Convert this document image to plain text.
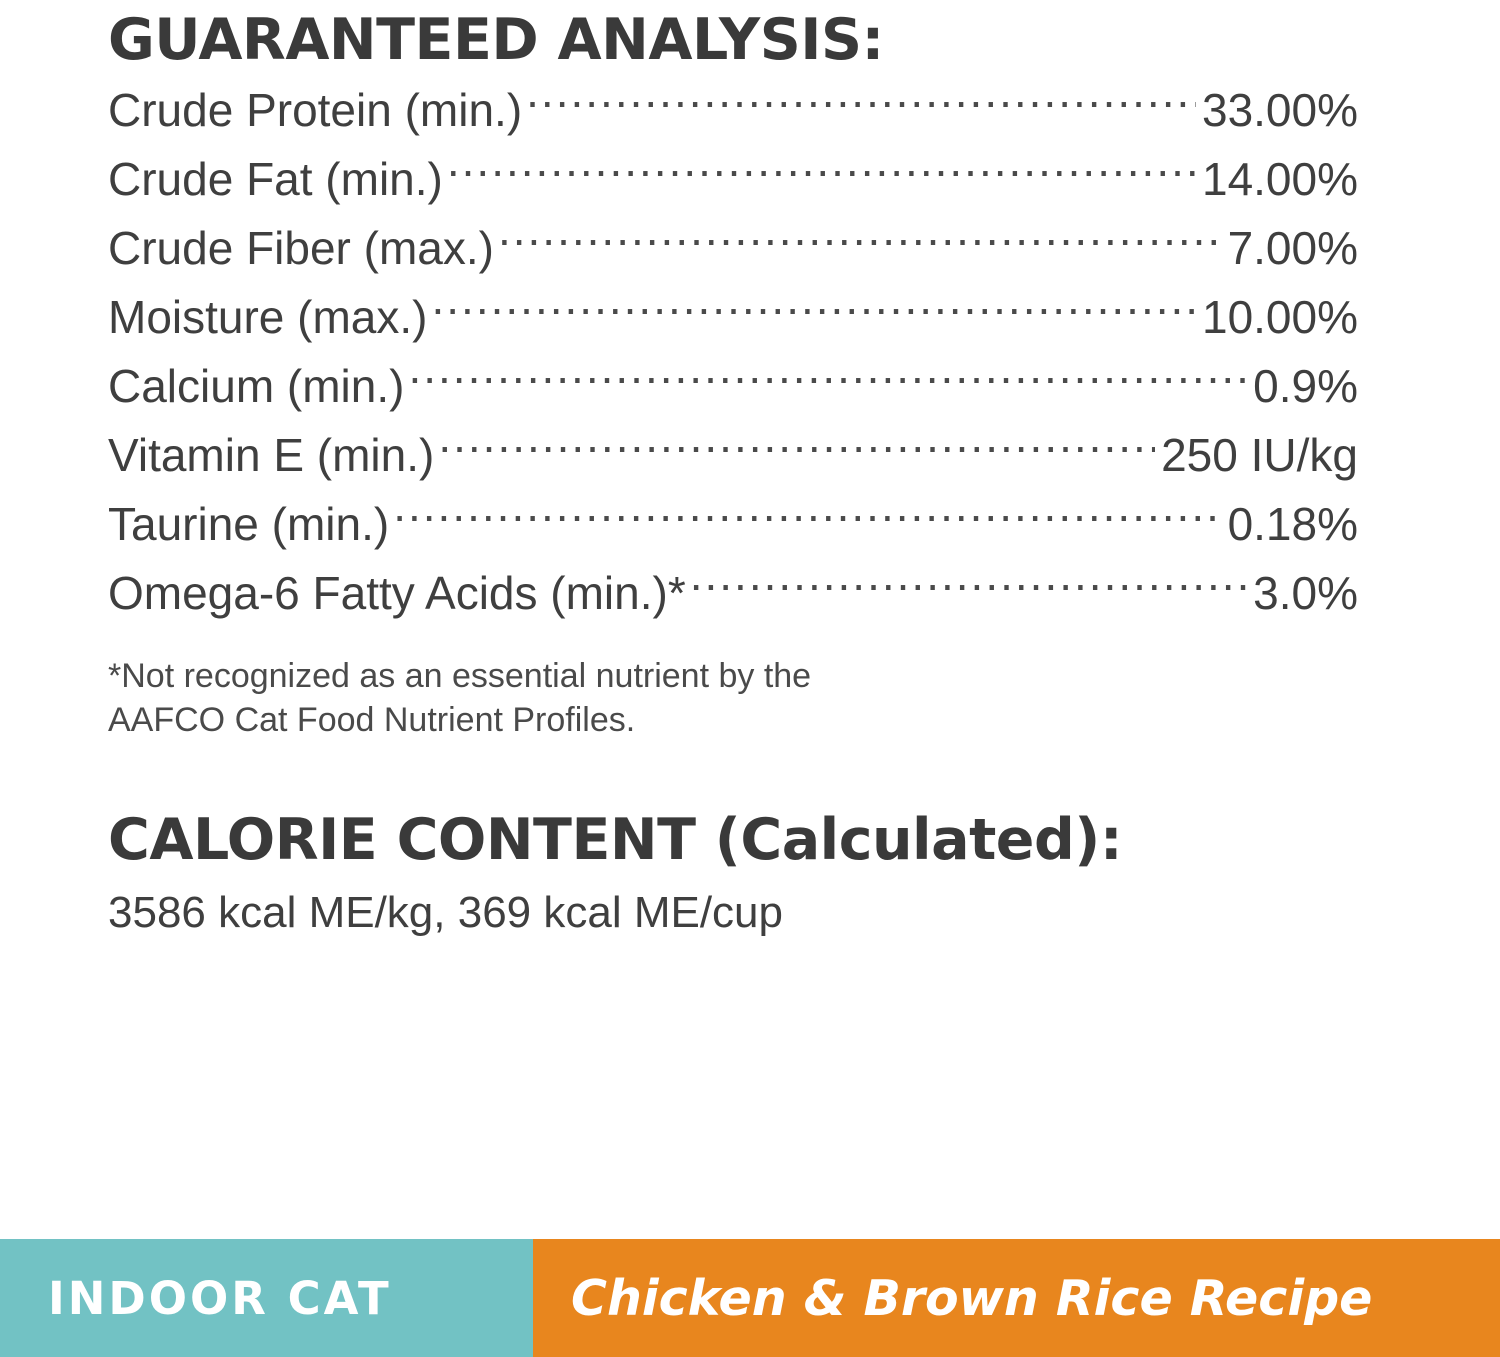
GUARANTEED ANALYSIS:
Crude Protein (min.) .....	33.00%
Crude Fat (min.) .....	14.00%
Crude Fiber (max.) .....	7.00%
Moisture (max.) .....	10.00%
Calcium (min.) .....	0.9%
Vitamin E (min.) .....	250 IU/kg
Taurine (min.) .....	0.18%
Omega-6 Fatty Acids (min.)* .....	3.0%
*Not recognized as an essential nutrient by the
AAFCO Cat Food Nutrient Profiles.
CALORIE CONTENT (Calculated):
3586 kcal ME/kg, 369 kcal ME/cup
INDOOR CAT	Chicken & Brown Rice Recipe
